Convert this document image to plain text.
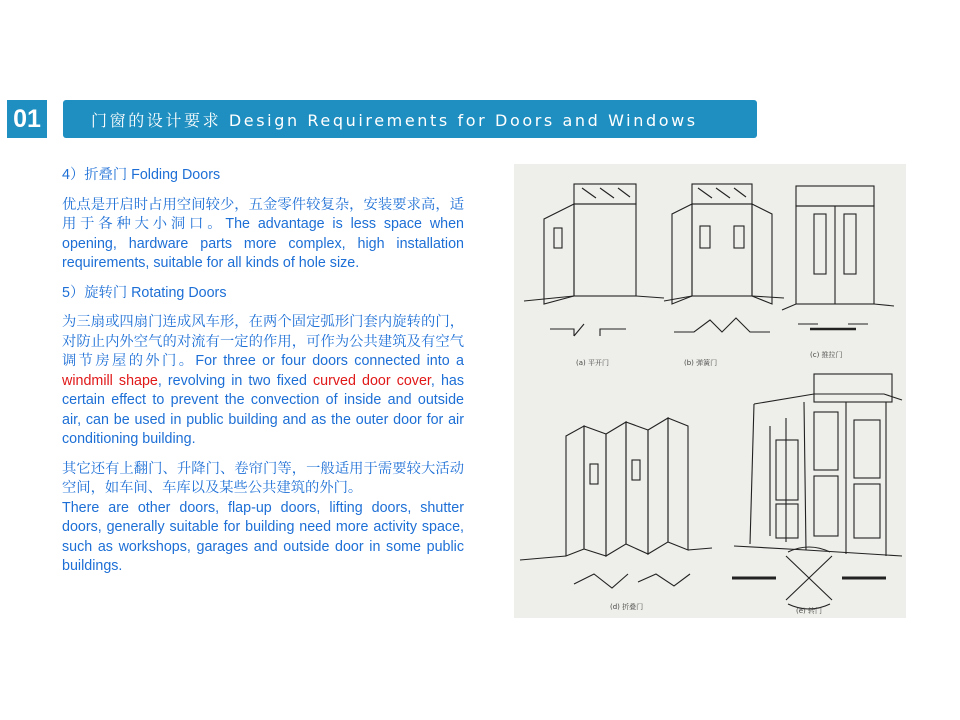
01	门窗的设计要求 Design Requirements for Doors and Windows

4）折叠门 Folding Doors

优点是开启时占用空间较少，五金零件较复杂，安装要求高，适用于各种大小洞口。The advantage is less space when opening, hardware parts more complex, high installation requirements, suitable for all kinds of hole size.

5）旋转门 Rotating Doors

为三扇或四扇门连成风车形，在两个固定弧形门套内旋转的门，对防止内外空气的对流有一定的作用，可作为公共建筑及有空气调节房屋的外门。For three or four doors connected into a windmill shape, revolving in two fixed curved door cover, has certain effect to prevent the convection of inside and outside air, can be used in public building and as the outer door for air conditioning building.

其它还有上翻门、升降门、卷帘门等，一般适用于需要较大活动空间，如车间、车库以及某些公共建筑的外门。

There are other doors, flap-up doors, lifting doors, shutter doors, generally suitable for building need more activity space, such as workshops, garages and outside door in some public buildings.

(a) 平开门	(b) 弹簧门
(c) 推拉门
(d) 折叠门	(e) 转门
